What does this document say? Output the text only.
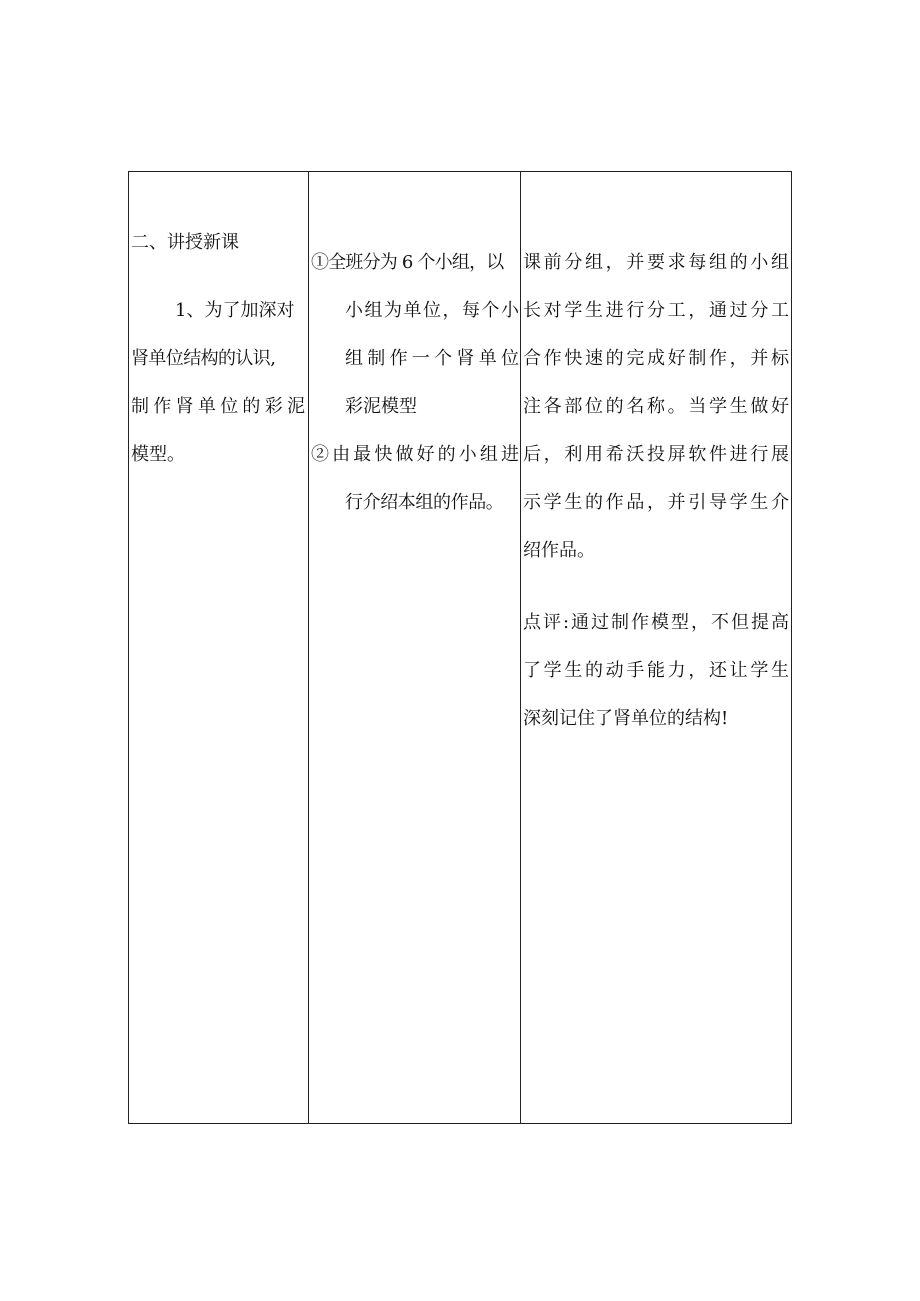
二、讲授新课
1、为了加深对
肾单位结构的认识,
制作肾单位的彩泥
模型。
①全班分为 6 个小组，以
小组为单位，每个小
组制作一个肾单位
彩泥模型
②由最快做好的小组进
行介绍本组的作品。
课前分组，并要求每组的小组
长对学生进行分工，通过分工
合作快速的完成好制作，并标
注各部位的名称。当学生做好
后，利用希沃投屏软件进行展
示学生的作品，并引导学生介
绍作品。
点评:通过制作模型，不但提高
了学生的动手能力，还让学生
深刻记住了肾单位的结构!
